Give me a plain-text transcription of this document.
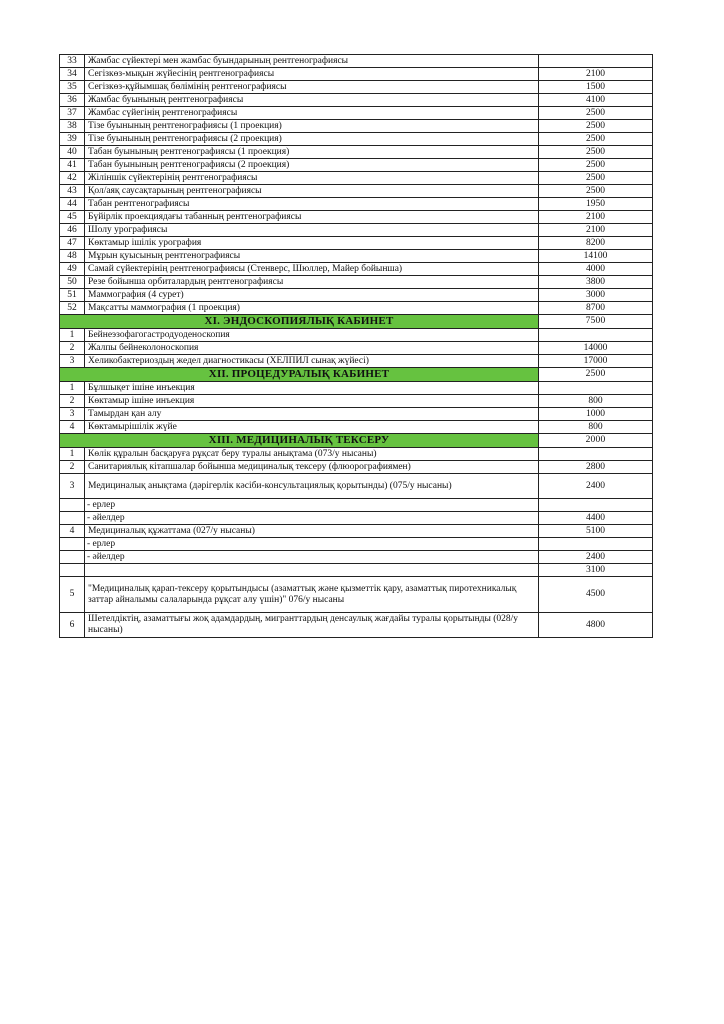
33	Жамбас сүйектері мен жамбас буындарының рентгенографиясы	
34	Сегізкөз-мықын жүйесінің рентгенографиясы	2100
35	Сегізкөз-құйымшақ бөлімінің рентгенографиясы	1500
36	Жамбас буынының рентгенографиясы	4100
37	Жамбас сүйегінің рентгенографиясы	2500
38	Тізе буынының рентгенографиясы (1 проекция)	2500
39	Тізе буынының рентгенографиясы (2 проекция)	2500
40	Табан буынының рентгенографиясы (1 проекция)	2500
41	Табан буынының рентгенографиясы (2 проекция)	2500
42	Жіліншік сүйектерінің рентгенографиясы	2500
43	Қол/аяқ саусақтарының рентгенографиясы	2500
44	Табан рентгенографиясы	1950
45	Бүйірлік проекциядағы табанның рентгенографиясы	2100
46	Шолу урографиясы	2100
47	Көктамыр ішілік урография	8200
48	Мұрын қуысының рентгенографиясы	14100
49	Самай сүйектерінің рентгенографиясы (Стенверс, Шюллер, Майер бойынша)	4000
50	Резе бойынша орбиталардың рентгенографиясы	3800
51	Маммография (4 сурет)	3000
52	Мақсатты маммография (1 проекция)	8700
XI. ЭНДОСКОПИЯЛЫҚ КАБИНЕТ		7500
1	Бейнеэзофагогастродуоденоскопия	
2	Жалпы бейнеколоноскопия	14000
3	Хеликобактериоздың жедел диагностикасы (ХЕЛПИЛ сынақ жүйесі)	17000
XII. ПРОЦЕДУРАЛЫҚ КАБИНЕТ		2500
1	Бұлшықет ішіне инъекция	
2	Көктамыр ішіне инъекция	800
3	Тамырдан қан алу	1000
4	Көктамырішілік жүйе	800
XIII. МЕДИЦИНАЛЫҚ ТЕКСЕРУ		2000
1	Көлік құралын басқаруға рұқсат беру туралы анықтама (073/у нысаны)	
2	Санитариялық кітапшалар бойынша медициналық тексеру (флюорографиямен)	2800
3	Медициналық анықтама (дәрігерлік кәсіби-консультациялық қорытынды) (075/у нысаны)	2400
	- ерлер	
	- әйелдер	4400
4	Медициналық құжаттама (027/у нысаны)	5100
	- ерлер	
	- әйелдер	2400
		3100
5	"Медициналық қарап-тексеру қорытындысы (азаматтық және қызметтік қару, азаматтық пиротехникалық заттар айналымы салаларында рұқсат алу үшін)" 076/у нысаны	4500
6	Шетелдіктің, азаматтығы жоқ адамдардың, мигранттардың денсаулық жағдайы туралы қорытынды (028/у нысаны)	4800
